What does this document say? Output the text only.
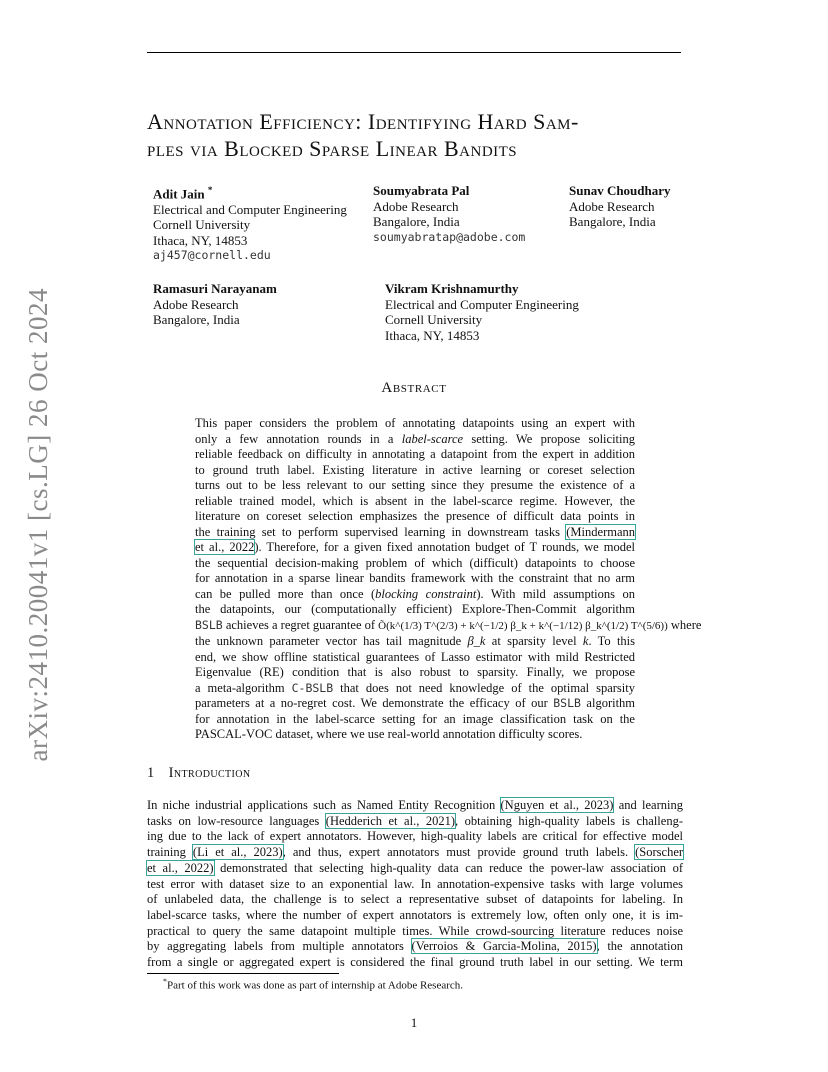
arXiv:2410.20041v1 [cs.LG] 26 Oct 2024
Annotation Efficiency: Identifying Hard Sam-
ples via Blocked Sparse Linear Bandits
Adit Jain *
Electrical and Computer Engineering
Cornell University
Ithaca, NY, 14853
aj457@cornell.edu
Soumyabrata Pal
Adobe Research
Bangalore, India
soumyabratap@adobe.com
Sunav Choudhary
Adobe Research
Bangalore, India
Ramasuri Narayanam
Adobe Research
Bangalore, India
Vikram Krishnamurthy
Electrical and Computer Engineering
Cornell University
Ithaca, NY, 14853
Abstract
This paper considers the problem of annotating datapoints using an expert with
only a few annotation rounds in a label-scarce setting. We propose soliciting
reliable feedback on difficulty in annotating a datapoint from the expert in addition
to ground truth label. Existing literature in active learning or coreset selection
turns out to be less relevant to our setting since they presume the existence of a
reliable trained model, which is absent in the label-scarce regime. However, the
literature on coreset selection emphasizes the presence of difficult data points in
the training set to perform supervised learning in downstream tasks (Mindermann
et al., 2022). Therefore, for a given fixed annotation budget of T rounds, we model
the sequential decision-making problem of which (difficult) datapoints to choose
for annotation in a sparse linear bandits framework with the constraint that no arm
can be pulled more than once (blocking constraint). With mild assumptions on
the datapoints, our (computationally efficient) Explore-Then-Commit algorithm
BSLB achieves a regret guarantee of Õ(k^(1/3) T^(2/3) + k^(−1/2) β_k + k^(−1/12) β_k^(1/2) T^(5/6)) where
the unknown parameter vector has tail magnitude β_k at sparsity level k. To this
end, we show offline statistical guarantees of Lasso estimator with mild Restricted
Eigenvalue (RE) condition that is also robust to sparsity. Finally, we propose
a meta-algorithm C-BSLB that does not need knowledge of the optimal sparsity
parameters at a no-regret cost. We demonstrate the efficacy of our BSLB algorithm
for annotation in the label-scarce setting for an image classification task on the
PASCAL-VOC dataset, where we use real-world annotation difficulty scores.
1 Introduction
In niche industrial applications such as Named Entity Recognition (Nguyen et al., 2023) and learning
tasks on low-resource languages (Hedderich et al., 2021), obtaining high-quality labels is challeng-
ing due to the lack of expert annotators. However, high-quality labels are critical for effective model
training (Li et al., 2023), and thus, expert annotators must provide ground truth labels. (Sorscher
et al., 2022) demonstrated that selecting high-quality data can reduce the power-law association of
test error with dataset size to an exponential law. In annotation-expensive tasks with large volumes
of unlabeled data, the challenge is to select a representative subset of datapoints for labeling. In
label-scarce tasks, where the number of expert annotators is extremely low, often only one, it is im-
practical to query the same datapoint multiple times. While crowd-sourcing literature reduces noise
by aggregating labels from multiple annotators (Verroios & Garcia-Molina, 2015), the annotation
from a single or aggregated expert is considered the final ground truth label in our setting. We term
*Part of this work was done as part of internship at Adobe Research.
1
